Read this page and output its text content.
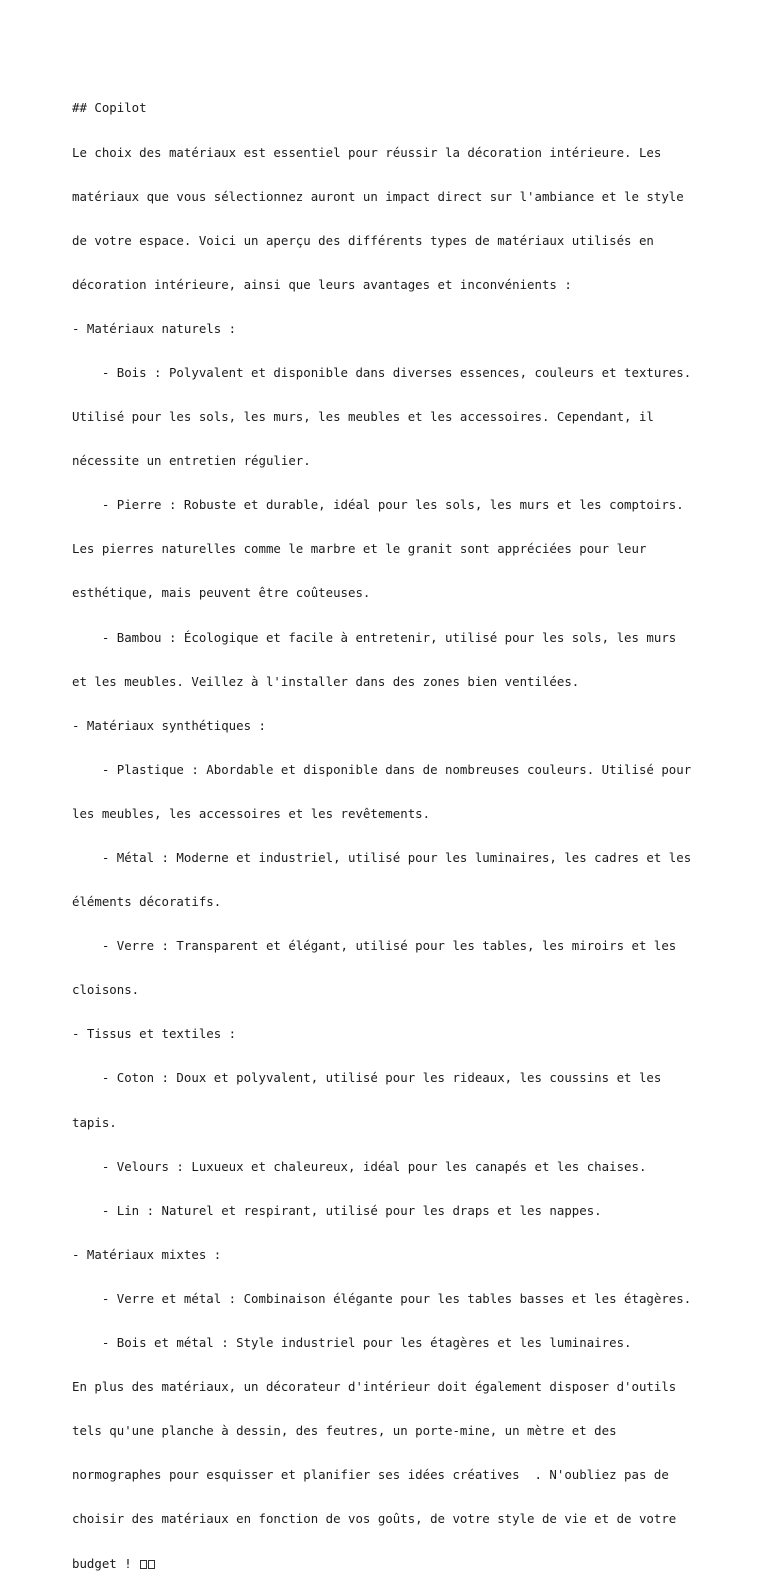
## Copilot

Le choix des matériaux est essentiel pour réussir la décoration intérieure. Les

matériaux que vous sélectionnez auront un impact direct sur l'ambiance et le style

de votre espace. Voici un aperçu des différents types de matériaux utilisés en

décoration intérieure, ainsi que leurs avantages et inconvénients :

- Matériaux naturels :

- Bois : Polyvalent et disponible dans diverses essences, couleurs et textures.

Utilisé pour les sols, les murs, les meubles et les accessoires. Cependant, il

nécessite un entretien régulier.

- Pierre : Robuste et durable, idéal pour les sols, les murs et les comptoirs.

Les pierres naturelles comme le marbre et le granit sont appréciées pour leur

esthétique, mais peuvent être coûteuses.

- Bambou : Écologique et facile à entretenir, utilisé pour les sols, les murs

et les meubles. Veillez à l'installer dans des zones bien ventilées.

- Matériaux synthétiques :

- Plastique : Abordable et disponible dans de nombreuses couleurs. Utilisé pour

les meubles, les accessoires et les revêtements.

- Métal : Moderne et industriel, utilisé pour les luminaires, les cadres et les

éléments décoratifs.

- Verre : Transparent et élégant, utilisé pour les tables, les miroirs et les

cloisons.

- Tissus et textiles :

- Coton : Doux et polyvalent, utilisé pour les rideaux, les coussins et les

tapis.

- Velours : Luxueux et chaleureux, idéal pour les canapés et les chaises.

- Lin : Naturel et respirant, utilisé pour les draps et les nappes.

- Matériaux mixtes :

- Verre et métal : Combinaison élégante pour les tables basses et les étagères.

- Bois et métal : Style industriel pour les étagères et les luminaires.

En plus des matériaux, un décorateur d'intérieur doit également disposer d'outils

tels qu'une planche à dessin, des feutres, un porte-mine, un mètre et des

normographes pour esquisser et planifier ses idées créatives  . N'oubliez pas de

choisir des matériaux en fonction de vos goûts, de votre style de vie et de votre

budget !
